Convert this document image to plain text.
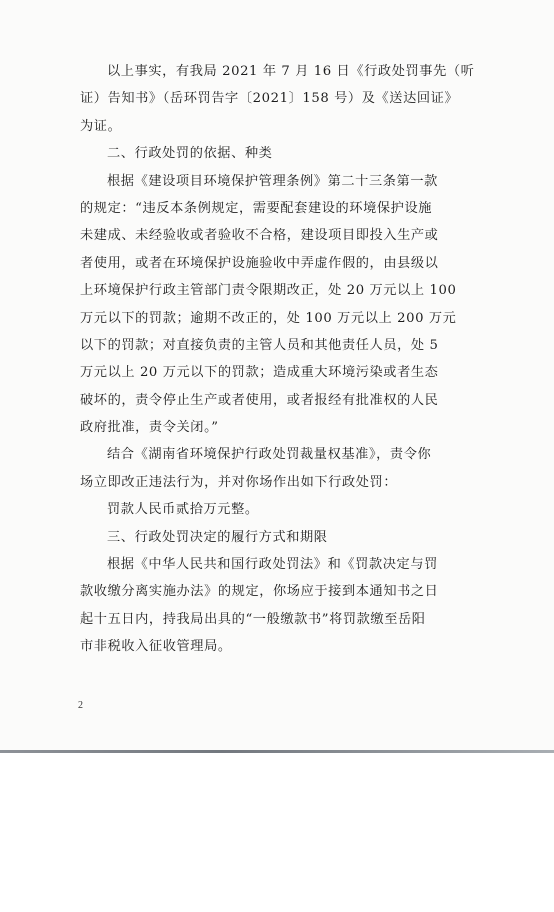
以上事实，有我局 2021 年 7 月 16 日《行政处罚事先（听
证）告知书》（岳环罚告字〔2021〕158 号）及《送达回证》
为证。
二、行政处罚的依据、种类
根据《建设项目环境保护管理条例》第二十三条第一款
的规定：“违反本条例规定，需要配套建设的环境保护设施
未建成、未经验收或者验收不合格，建设项目即投入生产或
者使用，或者在环境保护设施验收中弄虚作假的，由县级以
上环境保护行政主管部门责令限期改正，处 20 万元以上 100
万元以下的罚款；逾期不改正的，处 100 万元以上 200 万元
以下的罚款；对直接负责的主管人员和其他责任人员，处 5
万元以上 20 万元以下的罚款；造成重大环境污染或者生态
破坏的，责令停止生产或者使用，或者报经有批准权的人民
政府批准，责令关闭。”
结合《湖南省环境保护行政处罚裁量权基准》，责令你
场立即改正违法行为，并对你场作出如下行政处罚：
罚款人民币贰拾万元整。
三、行政处罚决定的履行方式和期限
根据《中华人民共和国行政处罚法》和《罚款决定与罚
款收缴分离实施办法》的规定，你场应于接到本通知书之日
起十五日内，持我局出具的“一般缴款书”将罚款缴至岳阳
市非税收入征收管理局。
2
